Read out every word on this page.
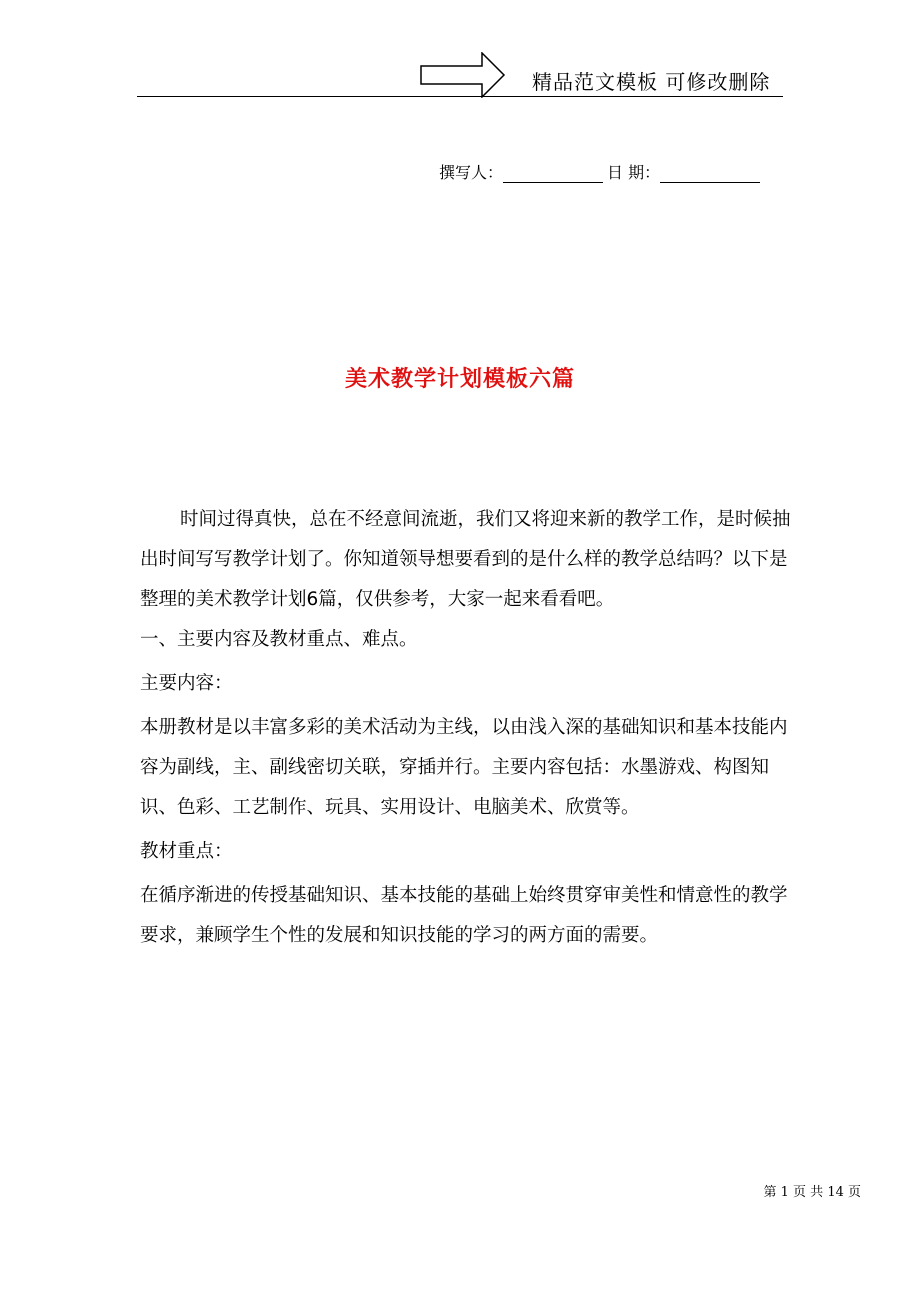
精品范文模板 可修改删除
撰写人：	日 期：
美术教学计划模板六篇

时间过得真快，总在不经意间流逝，我们又将迎来新的教学工作，是时候抽出时间写写教学计划了。你知道领导想要看到的是什么样的教学总结吗？以下是整理的美术教学计划6篇，仅供参考，大家一起来看看吧。

一、主要内容及教材重点、难点。

主要内容：

本册教材是以丰富多彩的美术活动为主线，以由浅入深的基础知识和基本技能内容为副线，主、副线密切关联，穿插并行。主要内容包括：水墨游戏、构图知识、色彩、工艺制作、玩具、实用设计、电脑美术、欣赏等。

教材重点：

在循序渐进的传授基础知识、基本技能的基础上始终贯穿审美性和情意性的教学要求，兼顾学生个性的发展和知识技能的学习的两方面的需要。

第 1 页 共 14 页
